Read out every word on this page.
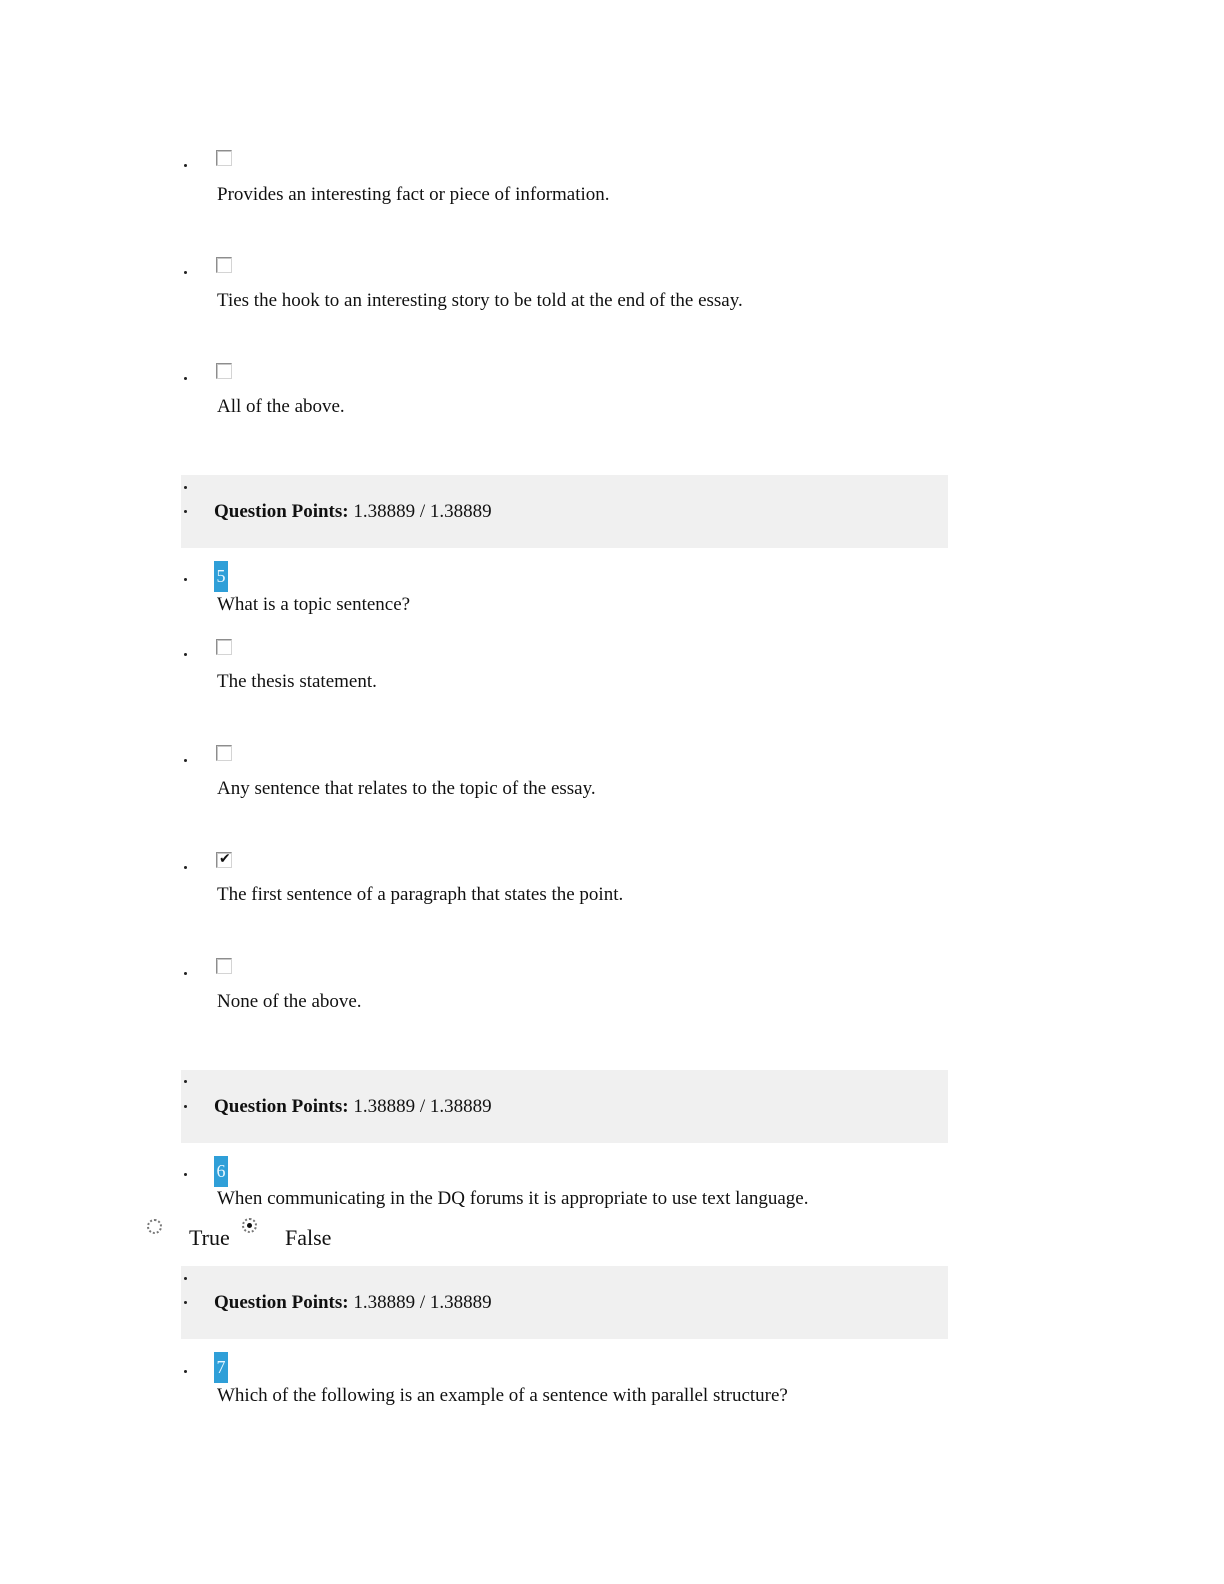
Provides an interesting fact or piece of information.
Ties the hook to an interesting story to be told at the end of the essay.
All of the above.
Question Points: 1.38889 / 1.38889
5
What is a topic sentence?
The thesis statement.
Any sentence that relates to the topic of the essay.
✔
The first sentence of a paragraph that states the point.
None of the above.
Question Points: 1.38889 / 1.38889
6
When communicating in the DQ forums it is appropriate to use text language.
True	False
Question Points: 1.38889 / 1.38889
7
Which of the following is an example of a sentence with parallel structure?
